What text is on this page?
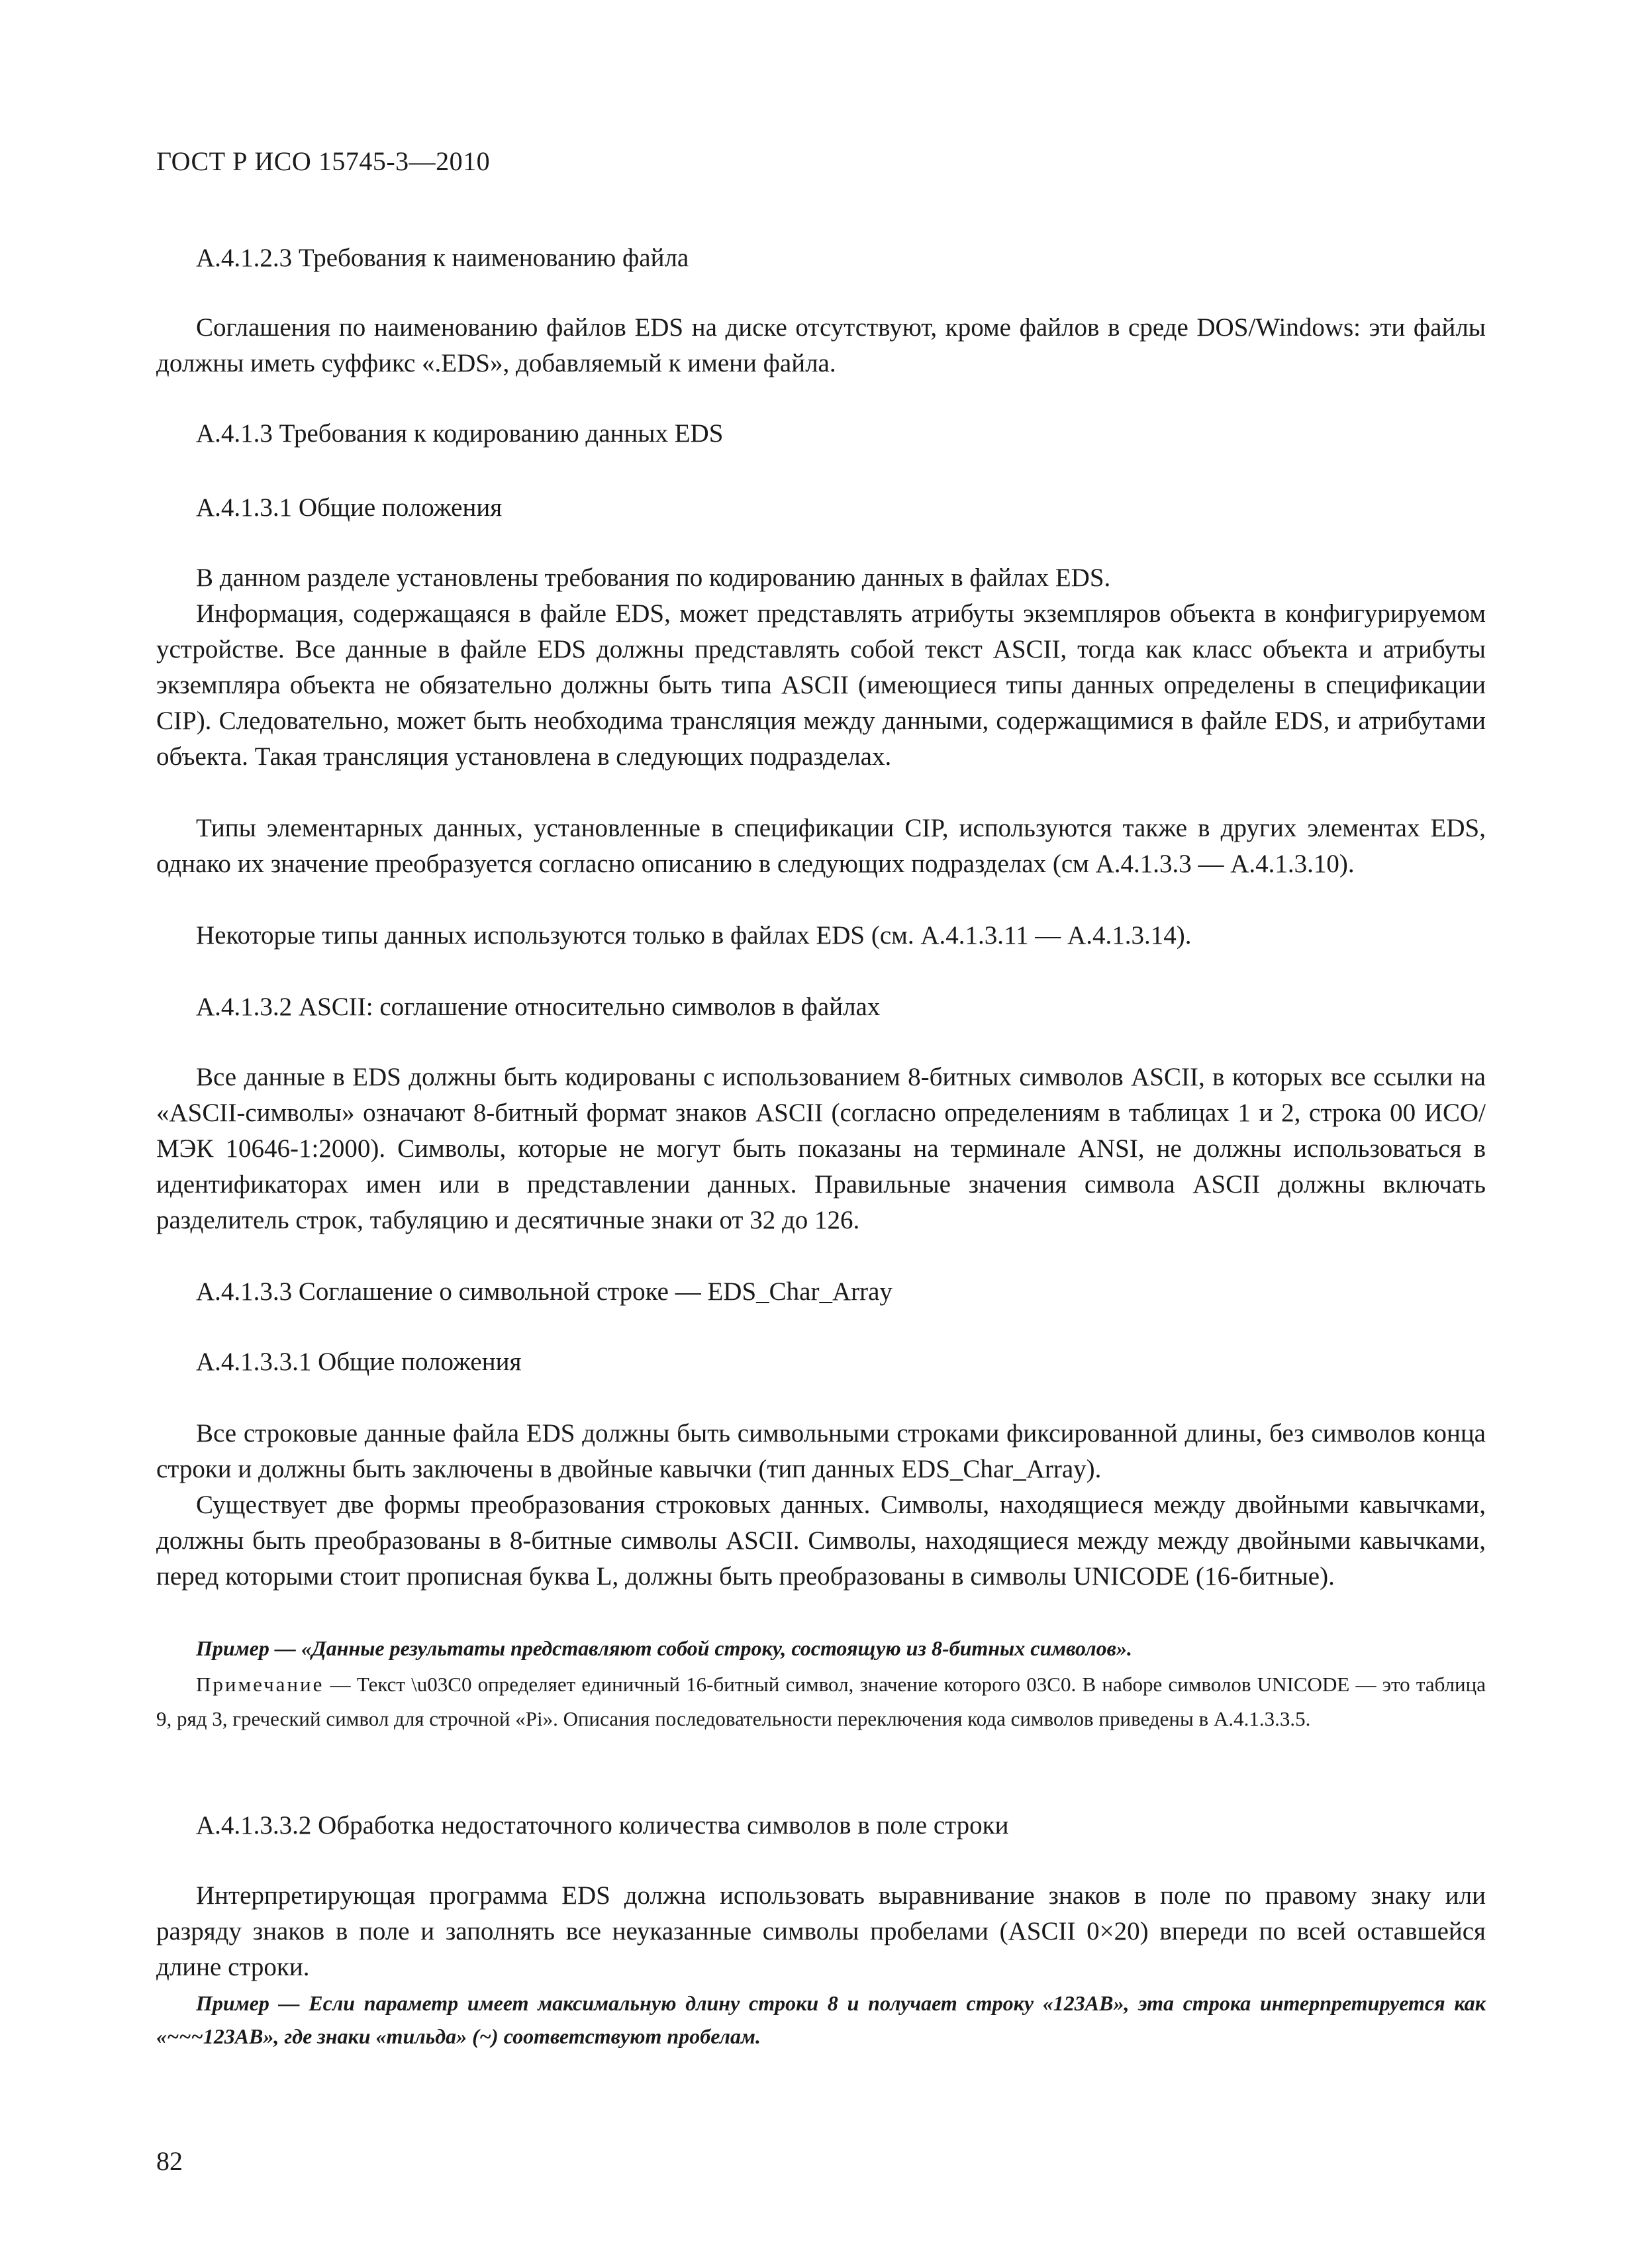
ГОСТ Р ИСО 15745-3—2010
А.4.1.2.3 Требования к наименованию файла

Соглашения по наименованию файлов EDS на диске отсутствуют, кроме файлов в среде DOS/Windows: эти файлы должны иметь суффикс «.EDS», добавляемый к имени файла.

А.4.1.3 Требования к кодированию данных EDS
А.4.1.3.1 Общие положения

В данном разделе установлены требования по кодированию данных в файлах EDS.

Информация, содержащаяся в файле EDS, может представлять атрибуты экземпляров объекта в конфигурируемом устройстве. Все данные в файле EDS должны представлять собой текст ASCII, тогда как класс объекта и атрибуты экземпляра объекта не обязательно должны быть типа ASCII (имеющиеся типы данных определены в спецификации CIP). Следовательно, может быть необходима трансляция между данными, содержащимися в файле EDS, и атрибутами объекта. Такая трансляция установлена в следующих подразделах.

Типы элементарных данных, установленные в спецификации CIP, используются также в других элементах EDS, однако их значение преобразуется согласно описанию в следующих подразделах (см А.4.1.3.3 — А.4.1.3.10).

Некоторые типы данных используются только в файлах EDS (см. А.4.1.3.11 — А.4.1.3.14).

А.4.1.3.2 ASCII: соглашение относительно символов в файлах

Все данные в EDS должны быть кодированы с использованием 8-битных символов ASCII, в которых все ссылки на «ASCII-символы» означают 8-битный формат знаков ASCII (согласно определениям в таблицах 1 и 2, строка 00 ИСО/МЭК 10646-1:2000). Символы, которые не могут быть показаны на терминале ANSI, не должны использоваться в идентификаторах имен или в представлении данных. Правильные значения символа ASCII должны включать разделитель строк, табуляцию и десятичные знаки от 32 до 126.

А.4.1.3.3 Соглашение о символьной строке — EDS_Char_Array
А.4.1.3.3.1 Общие положения

Все строковые данные файла EDS должны быть символьными строками фиксированной длины, без символов конца строки и должны быть заключены в двойные кавычки (тип данных EDS_Char_Array).

Существует две формы преобразования строковых данных. Символы, находящиеся между двойными кавычками, должны быть преобразованы в 8-битные символы ASCII. Символы, находящиеся между между двойными кавычками, перед которыми стоит прописная буква L, должны быть преобразованы в символы UNICODE (16-битные).

Пример — «Данные результаты представляют собой строку, состоящую из 8-битных символов».

Примечание — Текст \u03C0 определяет единичный 16-битный символ, значение которого 03С0. В наборе символов UNICODE — это таблица 9, ряд 3, греческий символ для строчной «Pi». Описания последовательности переключения кода символов приведены в А.4.1.3.3.5.

А.4.1.3.3.2 Обработка недостаточного количества символов в поле строки

Интерпретирующая программа EDS должна использовать выравнивание знаков в поле по правому знаку или разряду знаков в поле и заполнять все неуказанные символы пробелами (ASCII 0×20) впереди по всей оставшейся длине строки.

Пример — Если параметр имеет максимальную длину строки 8 и получает строку «123АВ», эта строка интерпретируется как «~~~123АВ», где знаки «тильда» (~) соответствуют пробелам.

82
